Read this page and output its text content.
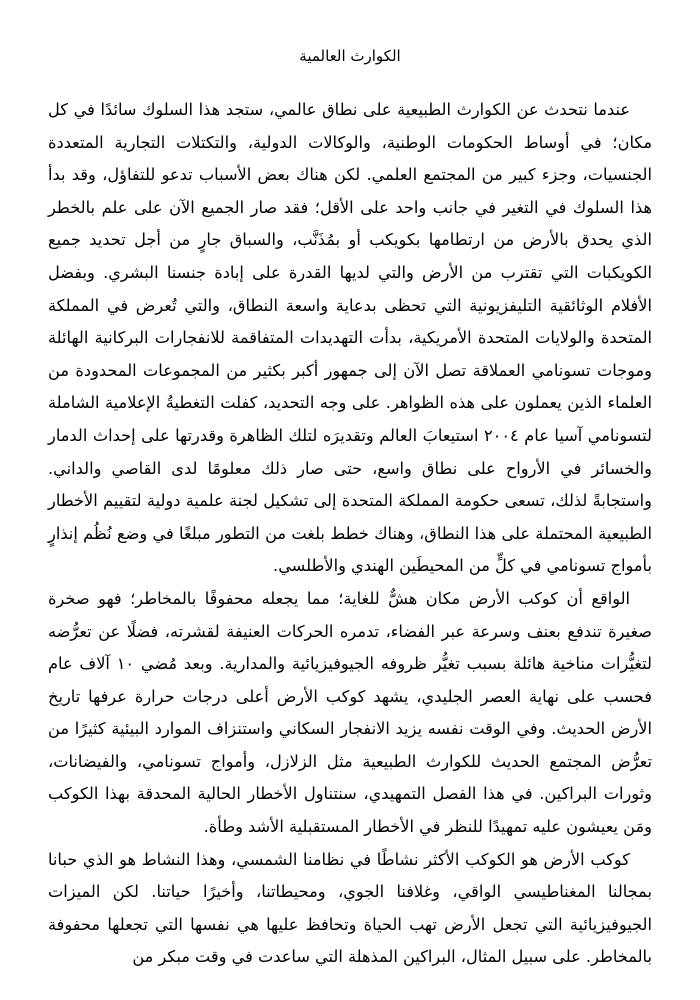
الكوارث العالمية

عندما نتحدث عن الكوارث الطبيعية على نطاق عالمي، ستجد هذا السلوك سائدًا في كل مكان؛ في أوساط الحكومات الوطنية، والوكالات الدولية، والتكتلات التجارية المتعددة الجنسيات، وجزء كبير من المجتمع العلمي. لكن هناك بعض الأسباب تدعو للتفاؤل، وقد بدأ هذا السلوك في التغير في جانب واحد على الأقل؛ فقد صار الجميع الآن على علم بالخطر الذي يحدق بالأرض من ارتطامها بكويكب أو بمُذَنَّب، والسباق جارٍ من أجل تحديد جميع الكويكبات التي تقترب من الأرض والتي لديها القدرة على إبادة جنسنا البشري. وبفضل الأفلام الوثائقية التليفزيونية التي تحظى بدعاية واسعة النطاق، والتي تُعرض في المملكة المتحدة والولايات المتحدة الأمريكية، بدأت التهديدات المتفاقمة للانفجارات البركانية الهائلة وموجات تسونامي العملاقة تصل الآن إلى جمهور أكبر بكثير من المجموعات المحدودة من العلماء الذين يعملون على هذه الظواهر. على وجه التحديد، كفلت التغطيةُ الإعلامية الشاملة لتسونامي آسيا عام ٢٠٠٤ استيعابَ العالم وتقديرَه لتلك الظاهرة وقدرتها على إحداث الدمار والخسائر في الأرواح على نطاق واسع، حتى صار ذلك معلومًا لدى القاصي والداني. واستجابةً لذلك، تسعى حكومة المملكة المتحدة إلى تشكيل لجنة علمية دولية لتقييم الأخطار الطبيعية المحتملة على هذا النطاق، وهناك خطط بلغت من التطور مبلغًا في وضع نُظُم إنذارٍ بأمواج تسونامي في كلٍّ من المحيطَين الهندي والأطلسي.

الواقع أن كوكب الأرض مكان هشٌّ للغاية؛ مما يجعله محفوفًا بالمخاطر؛ فهو صخرة صغيرة تندفع بعنف وسرعة عبر الفضاء، تدمره الحركات العنيفة لقشرته، فضلًا عن تعرُّضه لتغيُّرات مناخية هائلة بسبب تغيُّر ظروفه الجيوفيزيائية والمدارية. وبعد مُضي ١٠ آلاف عام فحسب على نهاية العصر الجليدي، يشهد كوكب الأرض أعلى درجات حرارة عرفها تاريخ الأرض الحديث. وفي الوقت نفسه يزيد الانفجار السكاني واستنزاف الموارد البيئية كثيرًا من تعرُّض المجتمع الحديث للكوارث الطبيعية مثل الزلازل، وأمواج تسونامي، والفيضانات، وثورات البراكين. في هذا الفصل التمهيدي، سنتناول الأخطار الحالية المحدقة بهذا الكوكب ومَن يعيشون عليه تمهيدًا للنظر في الأخطار المستقبلية الأشد وطأة.

كوكب الأرض هو الكوكب الأكثر نشاطًا في نظامنا الشمسي، وهذا النشاط هو الذي حبانا بمجالنا المغناطيسي الواقي، وغلافنا الجوي، ومحيطاتنا، وأخيرًا حياتنا. لكن الميزات الجيوفيزيائية التي تجعل الأرض تهب الحياة وتحافظ عليها هي نفسها التي تجعلها محفوفة بالمخاطر. على سبيل المثال، البراكين المذهلة التي ساعدت في وقت مبكر من
